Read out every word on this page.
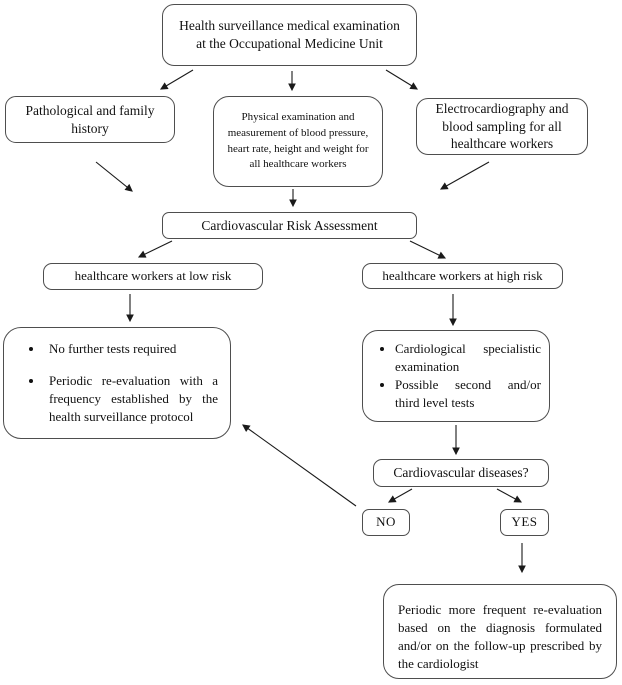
Health surveillance medical examination at the Occupational Medicine Unit
Pathological and family history
Physical examination and measurement of blood pressure, heart rate, height and weight for all healthcare workers
Electrocardiography and blood sampling for all healthcare workers
Cardiovascular Risk Assessment
healthcare workers at low risk	healthcare workers at high risk
• No further tests required
• Periodic re-evaluation with a frequency established by the health surveillance protocol
• Cardiological specialistic examination
• Possible second and/or third level tests
Cardiovascular diseases?
NO	YES
Periodic more frequent re-evaluation based on the diagnosis formulated and/or on the follow-up prescribed by the cardiologist
